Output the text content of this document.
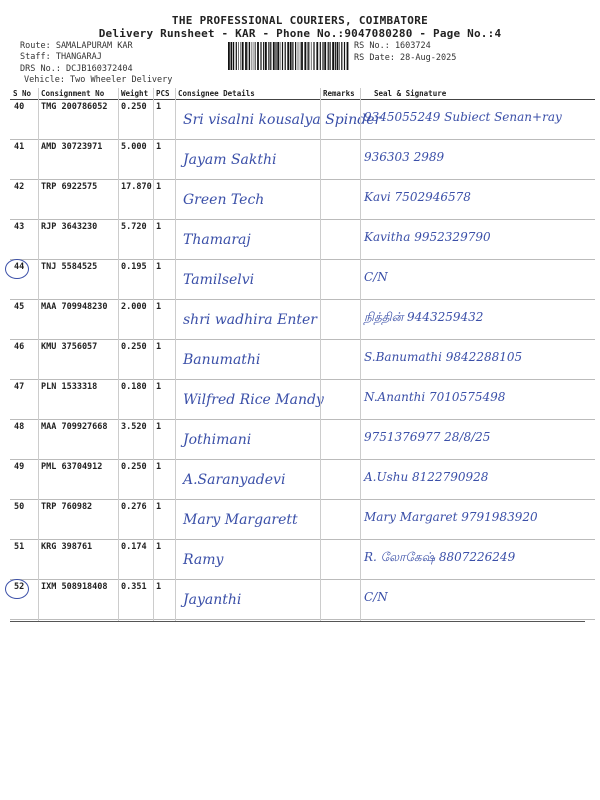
THE PROFESSIONAL COURIERS, COIMBATORE
Delivery Runsheet - KAR - Phone No.:9047080280 - Page No.:4
Route: SAMALAPURAM KAR
Staff: THANGARAJ
DRS No.: DCJB160372404
Vehicle: Two Wheeler Delivery
RS No.: 1603724
RS Date: 28-Aug-2025
S No	Consignment No	Weight	PCS	Consignee Details	Remarks	Seal & Signature

40	TMG 200786052	0.250	1	Sri visalni kousalya Spinder		9345055249 Subiect Senan+ray

41	AMD 30723971	5.000	1	Jayam Sakthi		936303 2989

42	TRP 6922575	17.870	1	Green Tech		Kavi 7502946578

43	RJP 3643230	5.720	1	Thamaraj		Kavitha 9952329790

44	TNJ 5584525	0.195	1	Tamilselvi		C/N

45	MAA 709948230	2.000	1	shri wadhira Enter		நித்தின் 9443259432

46	KMU 3756057	0.250	1	Banumathi		S.Banumathi 9842288105

47	PLN 1533318	0.180	1	Wilfred Rice Mandy		N.Ananthi 7010575498

48	MAA 709927668	3.520	1	Jothimani		9751376977 28/8/25

49	PML 63704912	0.250	1	A.Saranyadevi		A.Ushu 8122790928

50	TRP 760982	0.276	1	Mary Margarett		Mary Margaret 9791983920

51	KRG 398761	0.174	1	Ramy		R. லோகேஷ் 8807226249

52	IXM 508918408	0.351	1	Jayanthi		C/N
